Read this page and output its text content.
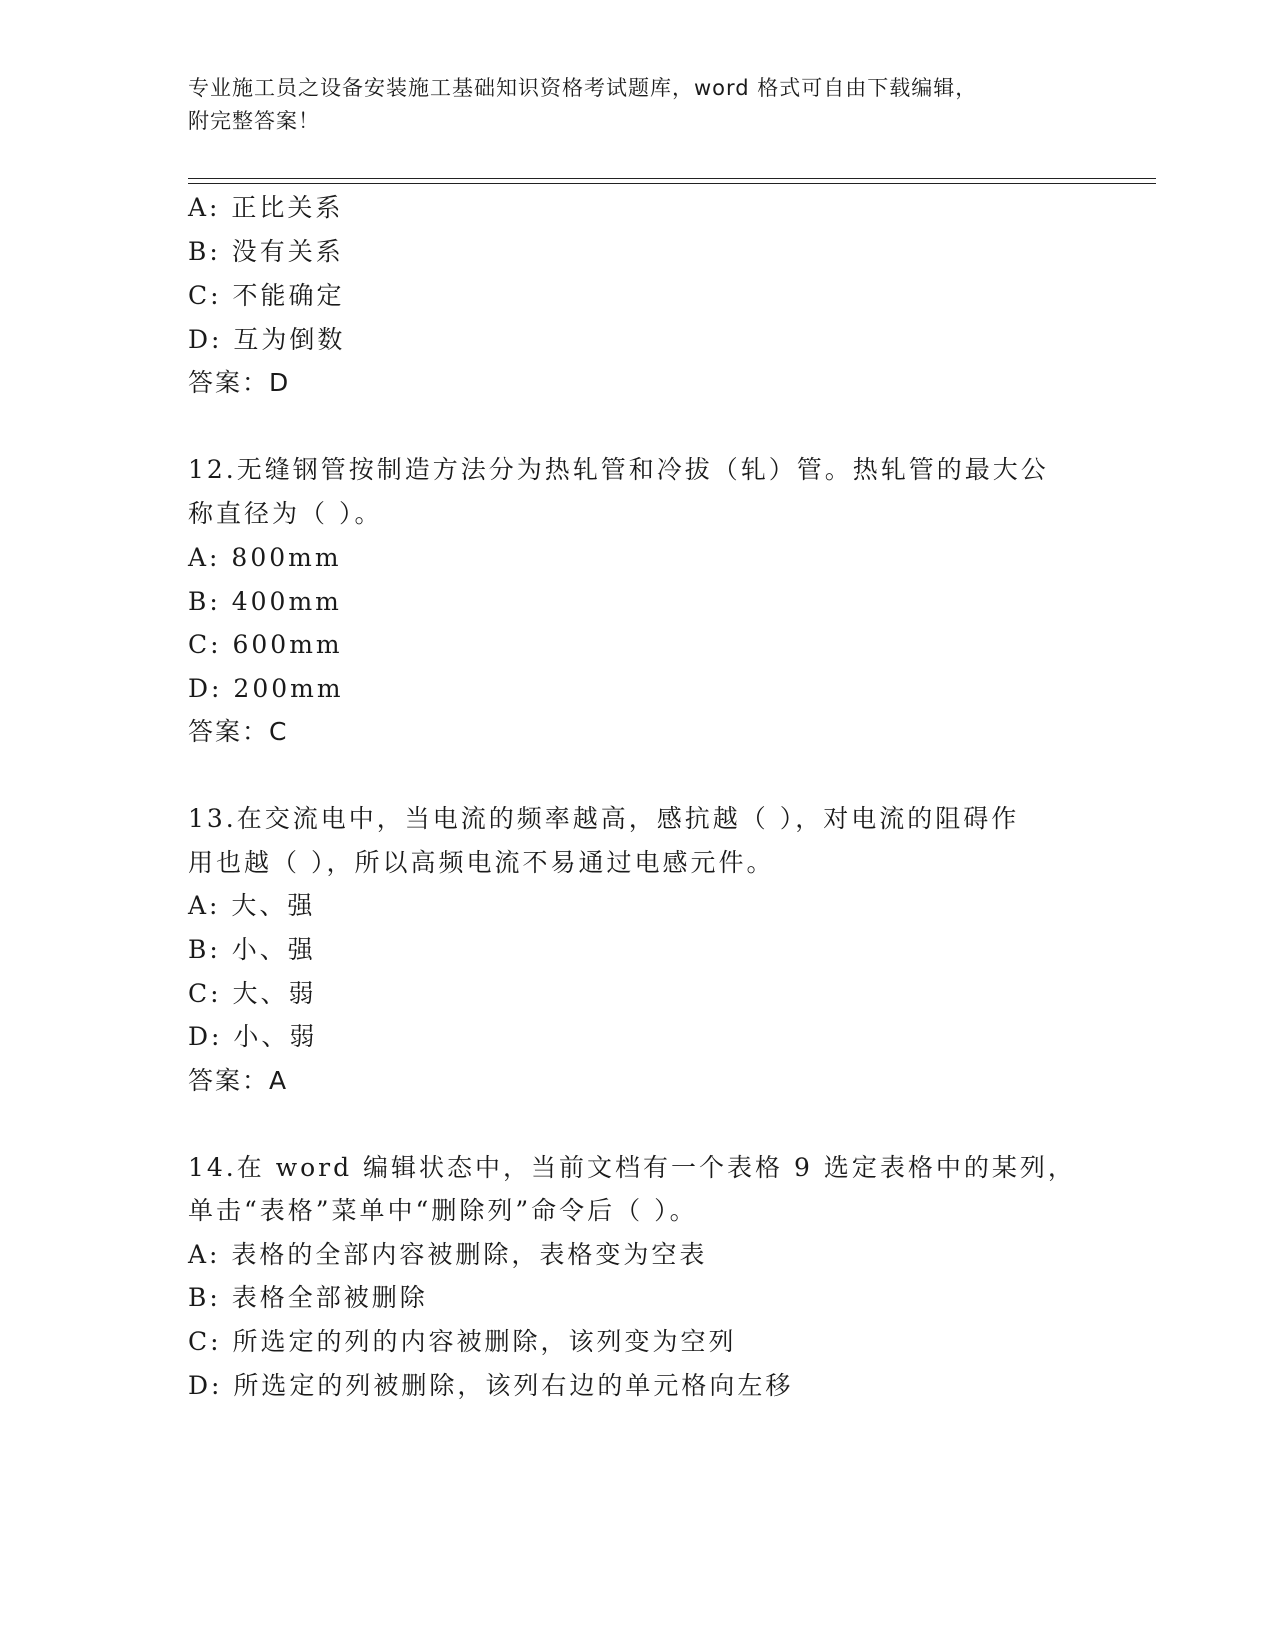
专业施工员之设备安装施工基础知识资格考试题库，word 格式可自由下载编辑，
附完整答案！
A: 正比关系
B: 没有关系
C: 不能确定
D: 互为倒数
答案：D
12.无缝钢管按制造方法分为热轧管和冷拔（轧）管。热轧管的最大公
称直径为（ ）。
A: 800mm
B: 400mm
C: 600mm
D: 200mm
答案：C
13.在交流电中，当电流的频率越高，感抗越（ ），对电流的阻碍作
用也越（ ），所以高频电流不易通过电感元件。
A: 大、强
B: 小、强
C: 大、弱
D: 小、弱
答案：A
14.在 word 编辑状态中，当前文档有一个表格 9 选定表格中的某列，
单击“表格”菜单中“删除列”命令后（ ）。
A: 表格的全部内容被删除，表格变为空表
B: 表格全部被删除
C: 所选定的列的内容被删除，该列变为空列
D: 所选定的列被删除，该列右边的单元格向左移
